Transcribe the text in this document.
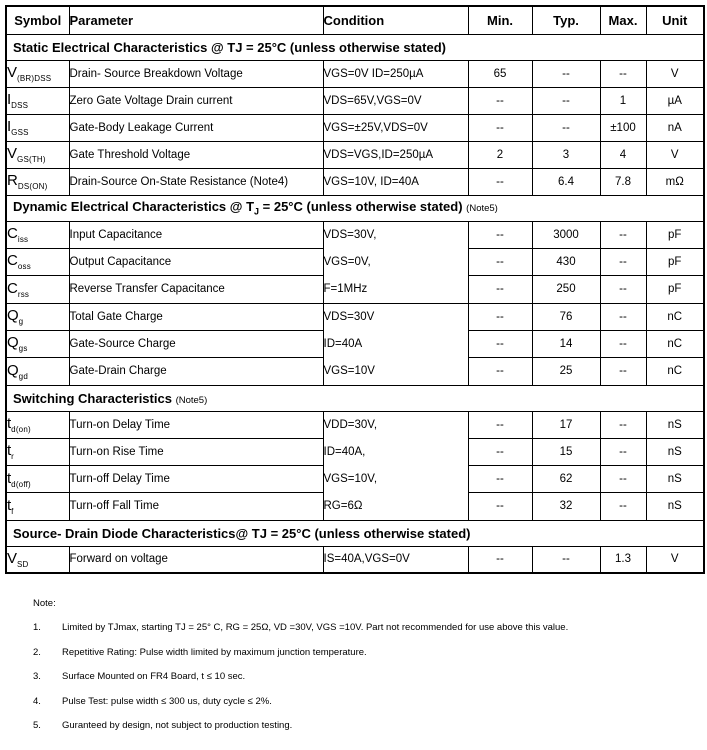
Symbol	Parameter	Condition	Min.	Typ.	Max.	Unit
Static Electrical Characteristics @ TJ = 25°C (unless otherwise stated)						
$V_{(BR)DSS}$	Drain- Source Breakdown Voltage	VGS=0V ID=250µA	65	--	--	V
$I_{DSS}$	Zero Gate Voltage Drain current	VDS=65V,VGS=0V	--	--	1	µA
$I_{GSS}$	Gate-Body Leakage Current	VGS=±25V,VDS=0V	--	--	±100	nA
$V_{GS(TH)}$	Gate Threshold Voltage	VDS=VGS,ID=250µA	2	3	4	V
$R_{DS(ON)}$	Drain-Source On-State Resistance (Note4)	VGS=10V, ID=40A	--	6.4	7.8	mΩ
Dynamic Electrical Characteristics @ $T_J = 25^\circ C$ (unless otherwise stated) (Note5)						
$C_{iss}$	Input Capacitance	VDS=30V,
VGS=0V,
F=1MHz	--	3000	--	pF
$C_{oss}$	Output Capacitance		--	430	--	pF
$C_{rss}$	Reverse Transfer Capacitance		--	250	--	pF
$Q_g$	Total Gate Charge	VDS=30V
ID=40A
VGS=10V	--	76	--	nC
$Q_{gs}$	Gate-Source Charge		--	14	--	nC
$Q_{gd}$	Gate-Drain Charge		--	25	--	nC
Switching Characteristics (Note5)						
$t_{d(on)}$	Turn-on Delay Time	VDD=30V,
ID=40A,
VGS=10V,
RG=6Ω	--	17	--	nS
$t_r$	Turn-on Rise Time		--	15	--	nS
$t_{d(off)}$	Turn-off Delay Time		--	62	--	nS
$t_f$	Turn-off Fall Time		--	32	--	nS
Source- Drain Diode Characteristics@ TJ = 25°C (unless otherwise stated)						
$V_{SD}$	Forward on voltage	IS=40A,VGS=0V	--	--	1.3	V
Note:
1.	Limited by TJmax, starting TJ = 25° C, RG = 25Ω, VD =30V, VGS =10V. Part not recommended for use above this value.
2.	Repetitive Rating: Pulse width limited by maximum junction temperature.
3.	Surface Mounted on FR4 Board, t ≤ 10 sec.
4.	Pulse Test: pulse width ≤ 300 us, duty cycle ≤ 2%.
5.	Guranteed by design, not subject to production testing.
